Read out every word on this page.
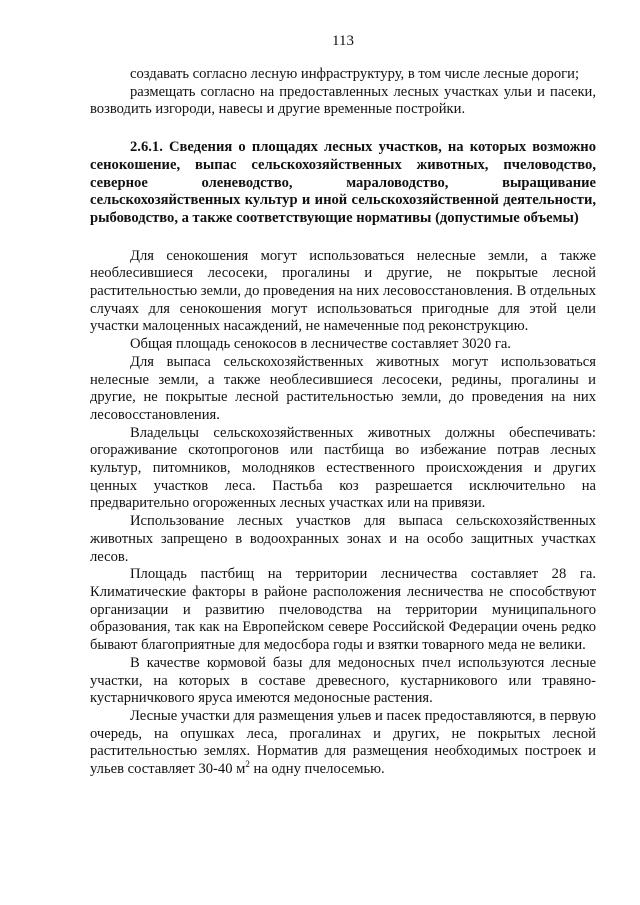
113

создавать согласно лесную инфраструктуру, в том числе лесные дороги;

размещать согласно на предоставленных лесных участках ульи и пасеки, возводить изгороди, навесы и другие временные постройки.

2.6.1. Сведения о площадях лесных участков, на которых возможно сенокошение, выпас сельскохозяйственных животных, пчеловодство, северное оленеводство, мараловодство, выращивание сельскохозяйственных культур и иной сельскохозяйственной деятельности, рыбоводство, а также соответствующие нормативы (допустимые объемы)

Для сенокошения могут использоваться нелесные земли, а также необлесившиеся лесосеки, прогалины и другие, не покрытые лесной растительностью земли, до проведения на них лесовосстановления. В отдельных случаях для сенокошения могут использоваться пригодные для этой цели участки малоценных насаждений, не намеченные под реконструкцию.

Общая площадь сенокосов в лесничестве составляет 3020 га.

Для выпаса сельскохозяйственных животных могут использоваться нелесные земли, а также необлесившиеся лесосеки, редины, прогалины и другие, не покрытые лесной растительностью земли, до проведения на них лесовосстановления.

Владельцы сельскохозяйственных животных должны обеспечивать: огораживание скотопрогонов или пастбища во избежание потрав лесных культур, питомников, молодняков естественного происхождения и других ценных участков леса. Пастьба коз разрешается исключительно на предварительно огороженных лесных участках или на привязи.

Использование лесных участков для выпаса сельскохозяйственных животных запрещено в водоохранных зонах и на особо защитных участках лесов.

Площадь пастбищ на территории лесничества составляет 28 га. Климатические факторы в районе расположения лесничества не способствуют организации и развитию пчеловодства на территории муниципального образования, так как на Европейском севере Российской Федерации очень редко бывают благоприятные для медосбора годы и взятки товарного меда не велики.

В качестве кормовой базы для медоносных пчел используются лесные участки, на которых в составе древесного, кустарникового или травяно-кустарничкового яруса имеются медоносные растения.

Лесные участки для размещения ульев и пасек предоставляются, в первую очередь, на опушках леса, прогалинах и других, не покрытых лесной растительностью землях. Норматив для размещения необходимых построек и ульев составляет 30-40 $м^2$ на одну пчелосемью.
